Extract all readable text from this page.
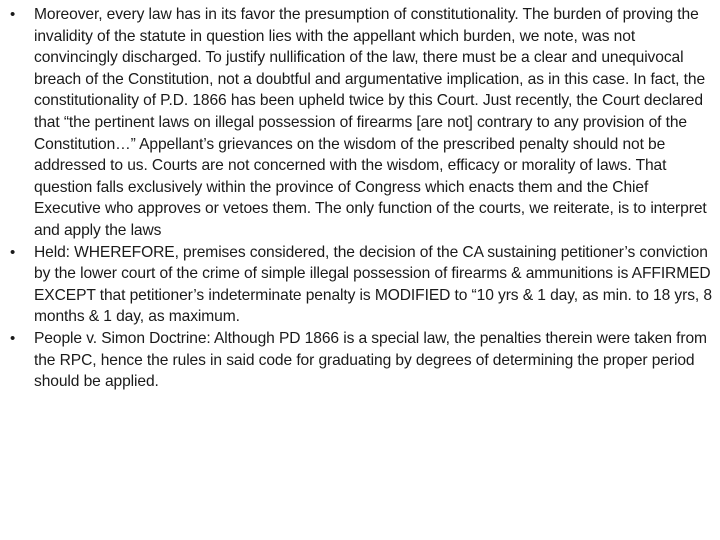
• Moreover, every law has in its favor the presumption of constitutionality. The burden of proving the invalidity of the statute in question lies with the appellant which burden, we note, was not convincingly discharged. To justify nullification of the law, there must be a clear and unequivocal breach of the Constitution, not a doubtful and argumentative implication, as in this case. In fact, the constitutionality of P.D. 1866 has been upheld twice by this Court. Just recently, the Court declared that “the pertinent laws on illegal possession of firearms [are not] contrary to any provision of the Constitution…” Appellant’s grievances on the wisdom of the prescribed penalty should not be addressed to us. Courts are not concerned with the wisdom, efficacy or morality of laws. That question falls exclusively within the province of Congress which enacts them and the Chief Executive who approves or vetoes them. The only function of the courts, we reiterate, is to interpret and apply the laws
• Held: WHEREFORE, premises considered, the decision of the CA sustaining petitioner’s conviction by the lower court of the crime of simple illegal possession of firearms & ammunitions is AFFIRMED EXCEPT that petitioner’s indeterminate penalty is MODIFIED to “10 yrs & 1 day, as min. to 18 yrs, 8 months & 1 day, as maximum.
• People v. Simon Doctrine: Although PD 1866 is a special law, the penalties therein were taken from the RPC, hence the rules in said code for graduating by degrees of determining the proper period should be applied.
